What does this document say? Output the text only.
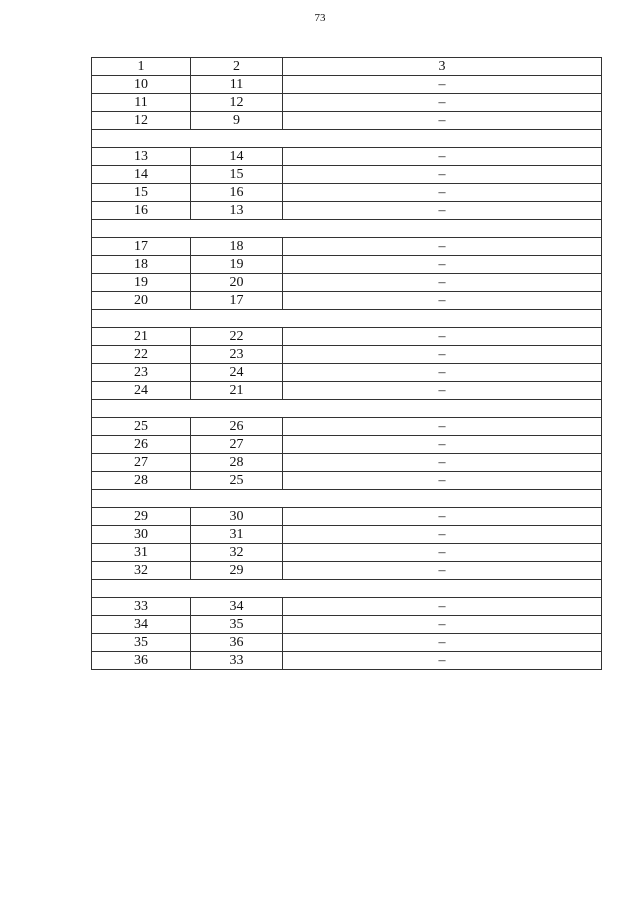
73
1	2	3
10	11	–
11	12	–
12	9	–

13	14	–
14	15	–
15	16	–
16	13	–

17	18	–
18	19	–
19	20	–
20	17	–

21	22	–
22	23	–
23	24	–
24	21	–

25	26	–
26	27	–
27	28	–
28	25	–

29	30	–
30	31	–
31	32	–
32	29	–

33	34	–
34	35	–
35	36	–
36	33	–
